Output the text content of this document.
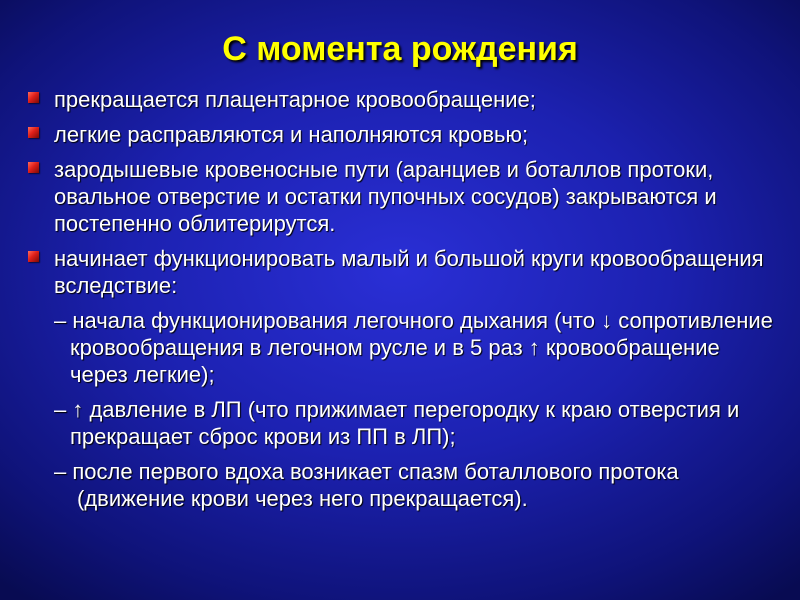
С момента рождения
прекращается плацентарное кровообращение;
легкие расправляются и наполняются кровью;
зародышевые кровеносные пути (аранциев и боталлов протоки, овальное отверстие и остатки пупочных сосудов) закрываются и постепенно облитерирутся.
начинает функционировать малый и большой круги кровообращения вследствие:
– начала функционирования легочного дыхания (что ↓ сопротивление кровообращения в легочном русле и в 5 раз ↑ кровообращение через легкие);
– ↑ давление в ЛП (что прижимает перегородку к краю отверстия и прекращает сброс крови из ПП в ЛП);
– после первого вдоха возникает спазм боталлового протока (движение крови через него прекращается).
